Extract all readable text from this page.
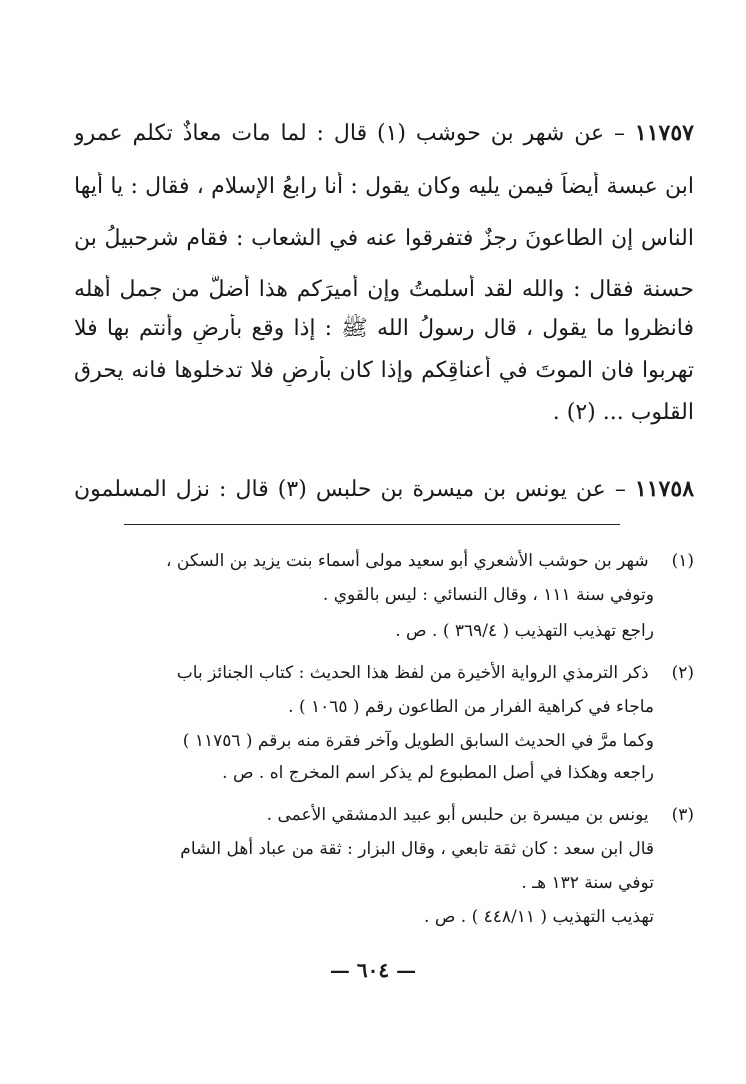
١١٧٥٧ – عن شهر بن حوشب (١) قال : لما مات معاذٌ تكلم عمرو
ابن عبسة أيضاً فيمن يليه وكان يقول : أنا رابعُ الإسلام ، فقال : يا أيها
الناس إن الطاعونَ رجزٌ فتفرقوا عنه في الشعاب : فقام شرحبيلُ بن
حسنة فقال : والله لقد أسلمتُ وإن أميرَكم هذا أضلُّ من جمل أهله
فانظروا ما يقول ، قال رسولُ الله ﷺ : إذا وقع بأرضٍ وأنتم بها فلا
تهربوا فان الموتَ في أعناقِكم وإذا كان بأرضٍ فلا تدخلوها فانه يحرق
القلوب ... (٢) .
١١٧٥٨ – عن يونس بن ميسرة بن حلبس (٣) قال : نزل المسلمون
(١) شهر بن حوشب الأشعري أبو سعيد مولى أسماء بنت يزيد بن السكن ،
وتوفي سنة ١١١ ، وقال النسائي : ليس بالقوي .
راجع تهذيب التهذيب ( ٣٦٩/٤ ) . ص .
(٢) ذكر الترمذي الرواية الأخيرة من لفظ هذا الحديث : كتاب الجنائز باب
ماجاء في كراهية الفرار من الطاعون رقم ( ١٠٦٥ ) .
وكما مرَّ في الحديث السابق الطويل وآخر فقرة منه برقم ( ١١٧٥٦ )
راجعه وهكذا في أصل المطبوع لم يذكر اسم المخرج اه . ص .
(٣) يونس بن ميسرة بن حلبس أبو عبيد الدمشقي الأعمى .
قال ابن سعد : كان ثقة تابعي ، وقال البزار : ثقة من عباد أهل الشام
توفي سنة ١٣٢ هـ .
تهذيب التهذيب ( ٤٤٨/١١ ) . ص .
— ٦٠٤ —
